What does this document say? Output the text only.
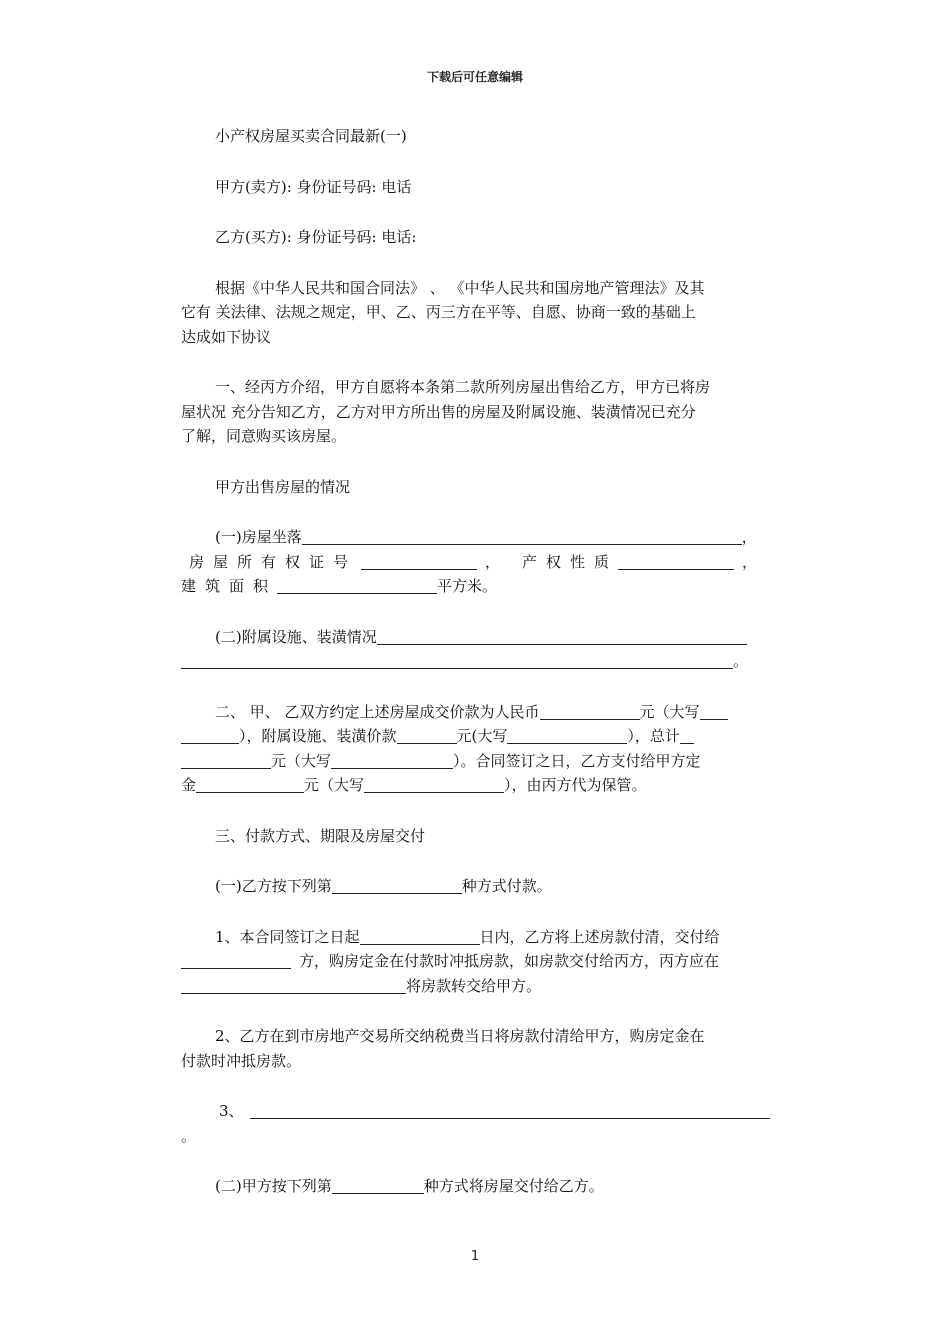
下载后可任意编辑

小产权房屋买卖合同最新(一)

甲方(卖方): 身份证号码: 电话

乙方(买方): 身份证号码: 电话:

根据《中华人民共和国合同法》 、 《中华人民共和国房地产管理法》及其
它有 关法律、法规之规定，甲、乙、丙三方在平等、自愿、协商一致的基础上
达成如下协议

一、经丙方介绍，甲方自愿将本条第二款所列房屋出售给乙方，甲方已将房
屋状况 充分告知乙方，乙方对甲方所出售的房屋及附属设施、装潢情况已充分
了解，同意购买该房屋。

甲方出售房屋的情况

(一)房屋坐落	，
房屋所有权证号	， 产权性质	，
建筑面积	平方米。

(二)附属设施、装潢情况
。

二、 甲、 乙双方约定上述房屋成交价款为人民币	元（大写
），附属设施、装潢价款	元(大写	），总计
元（大写	）。合同签订之日，乙方支付给甲方定
金	元（大写	），由丙方代为保管。

三、付款方式、期限及房屋交付

(一)乙方按下列第	种方式付款。

1、本合同签订之日起	日内，乙方将上述房款付清，交付给
方，购房定金在付款时冲抵房款，如房款交付给丙方，丙方应在
将房款转交给甲方。

2、乙方在到市房地产交易所交纳税费当日将房款付清给甲方，购房定金在
付款时冲抵房款。

3、
。

(二)甲方按下列第	种方式将房屋交付给乙方。

1
